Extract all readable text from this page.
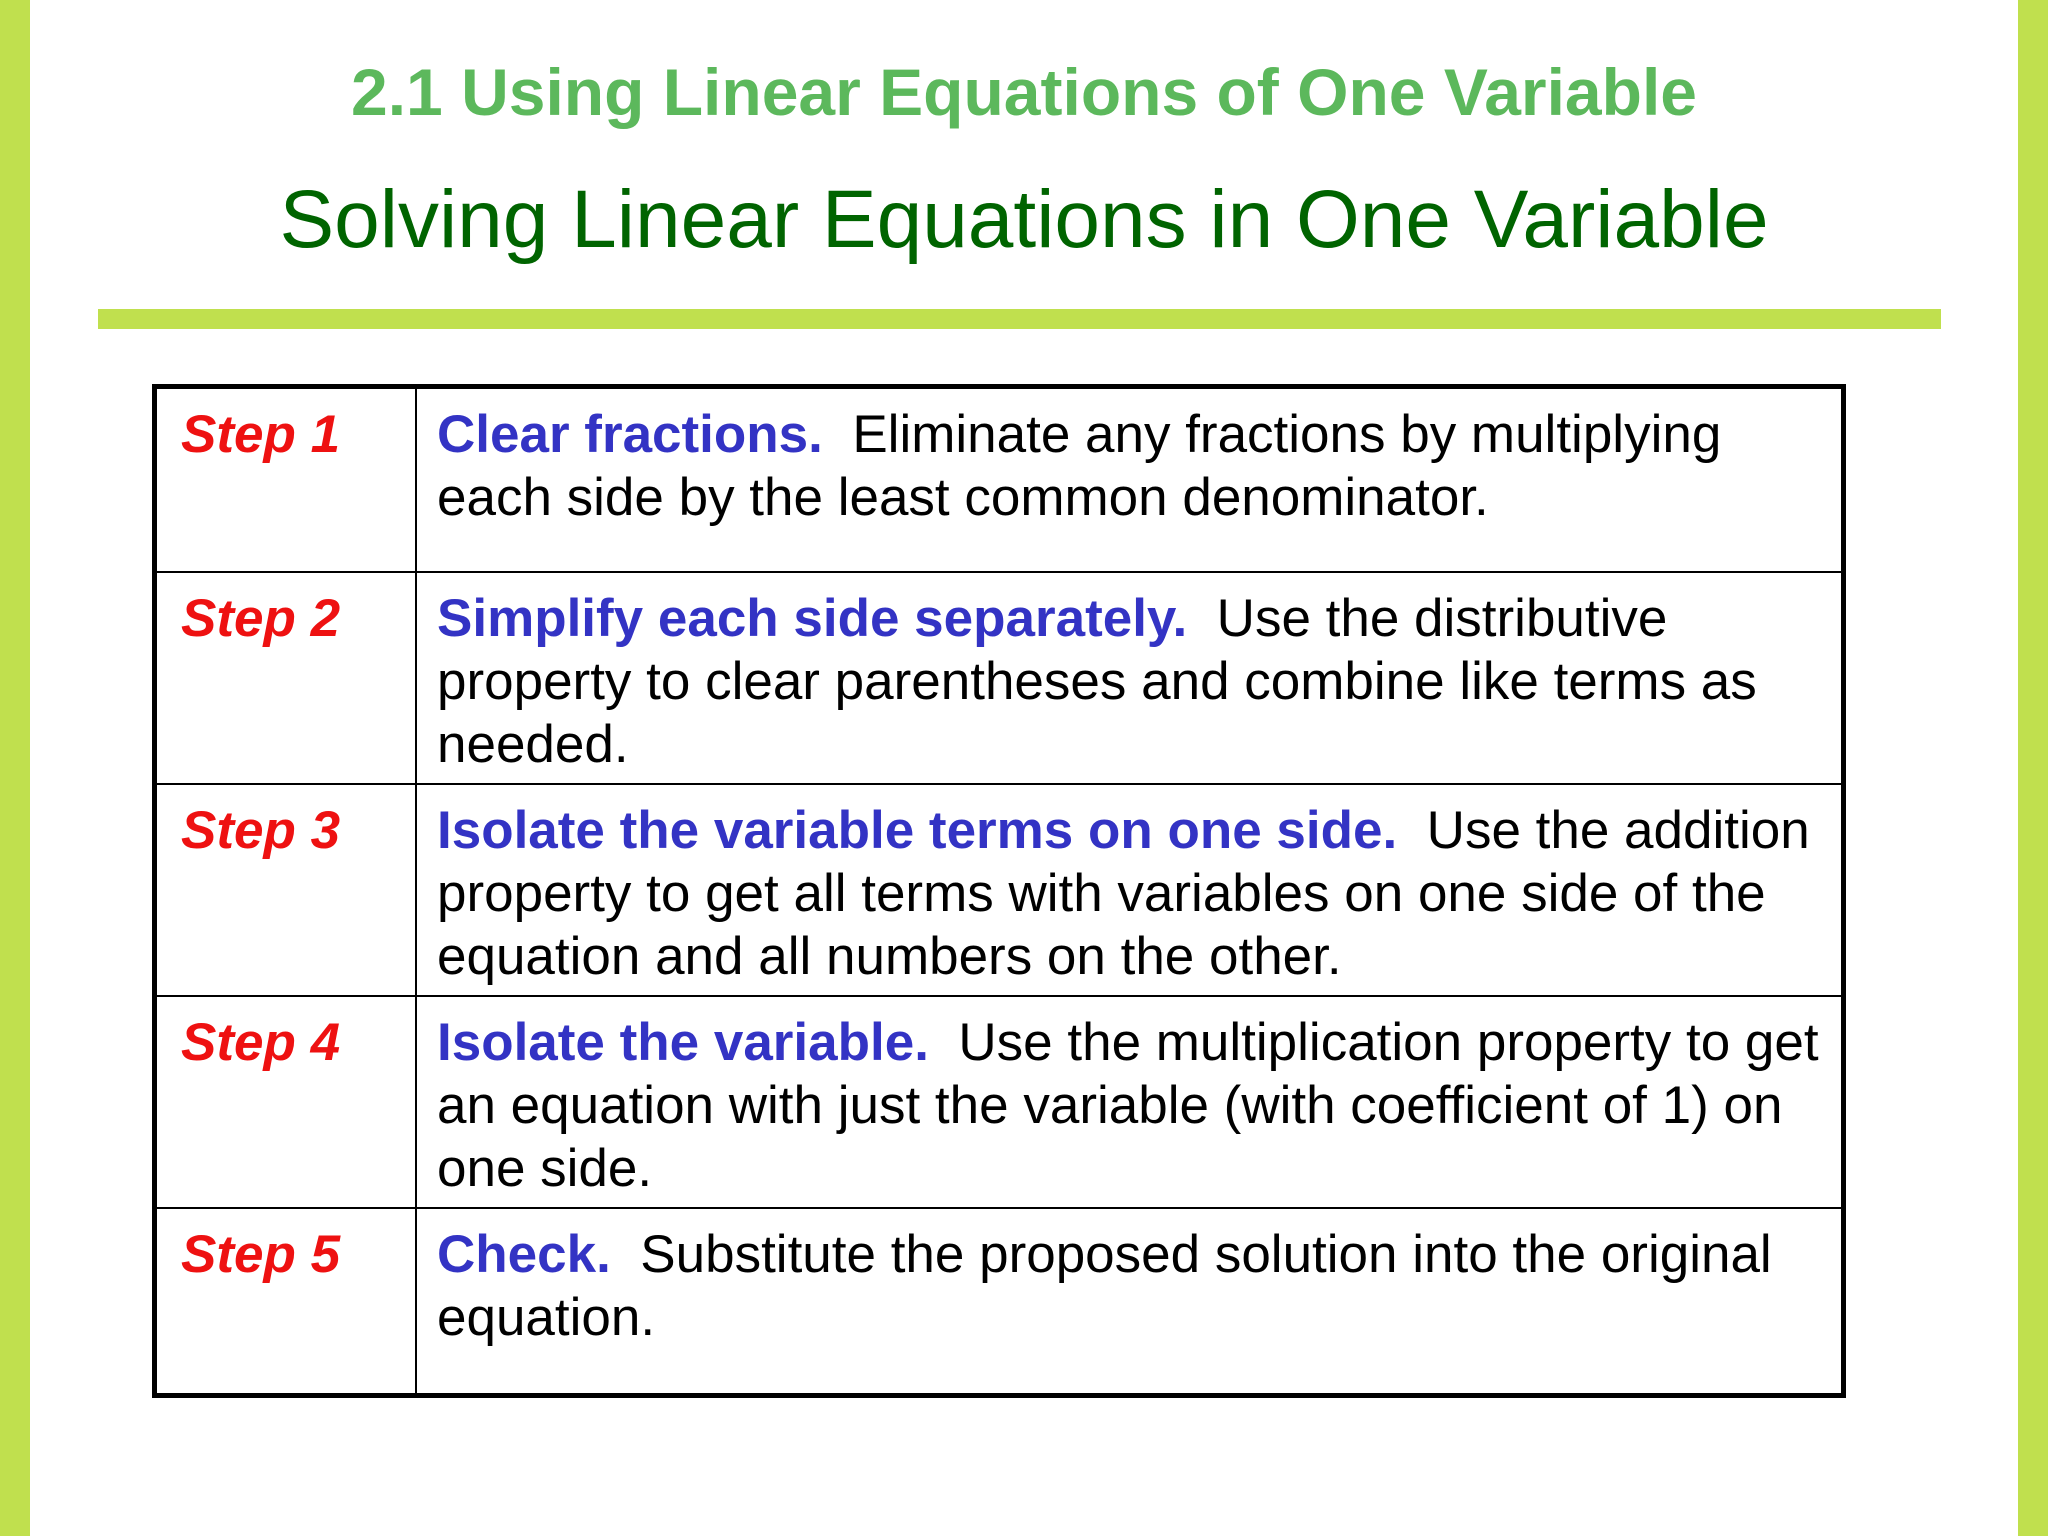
2.1 Using Linear Equations of One Variable
Solving Linear Equations in One Variable
Step 1	Clear fractions. Eliminate any fractions by multiplying each side by the least common denominator.
Step 2	Simplify each side separately. Use the distributive property to clear parentheses and combine like terms as needed.
Step 3	Isolate the variable terms on one side. Use the addition property to get all terms with variables on one side of the equation and all numbers on the other.
Step 4	Isolate the variable. Use the multiplication property to get an equation with just the variable (with coefficient of 1) on one side.
Step 5	Check. Substitute the proposed solution into the original equation.
